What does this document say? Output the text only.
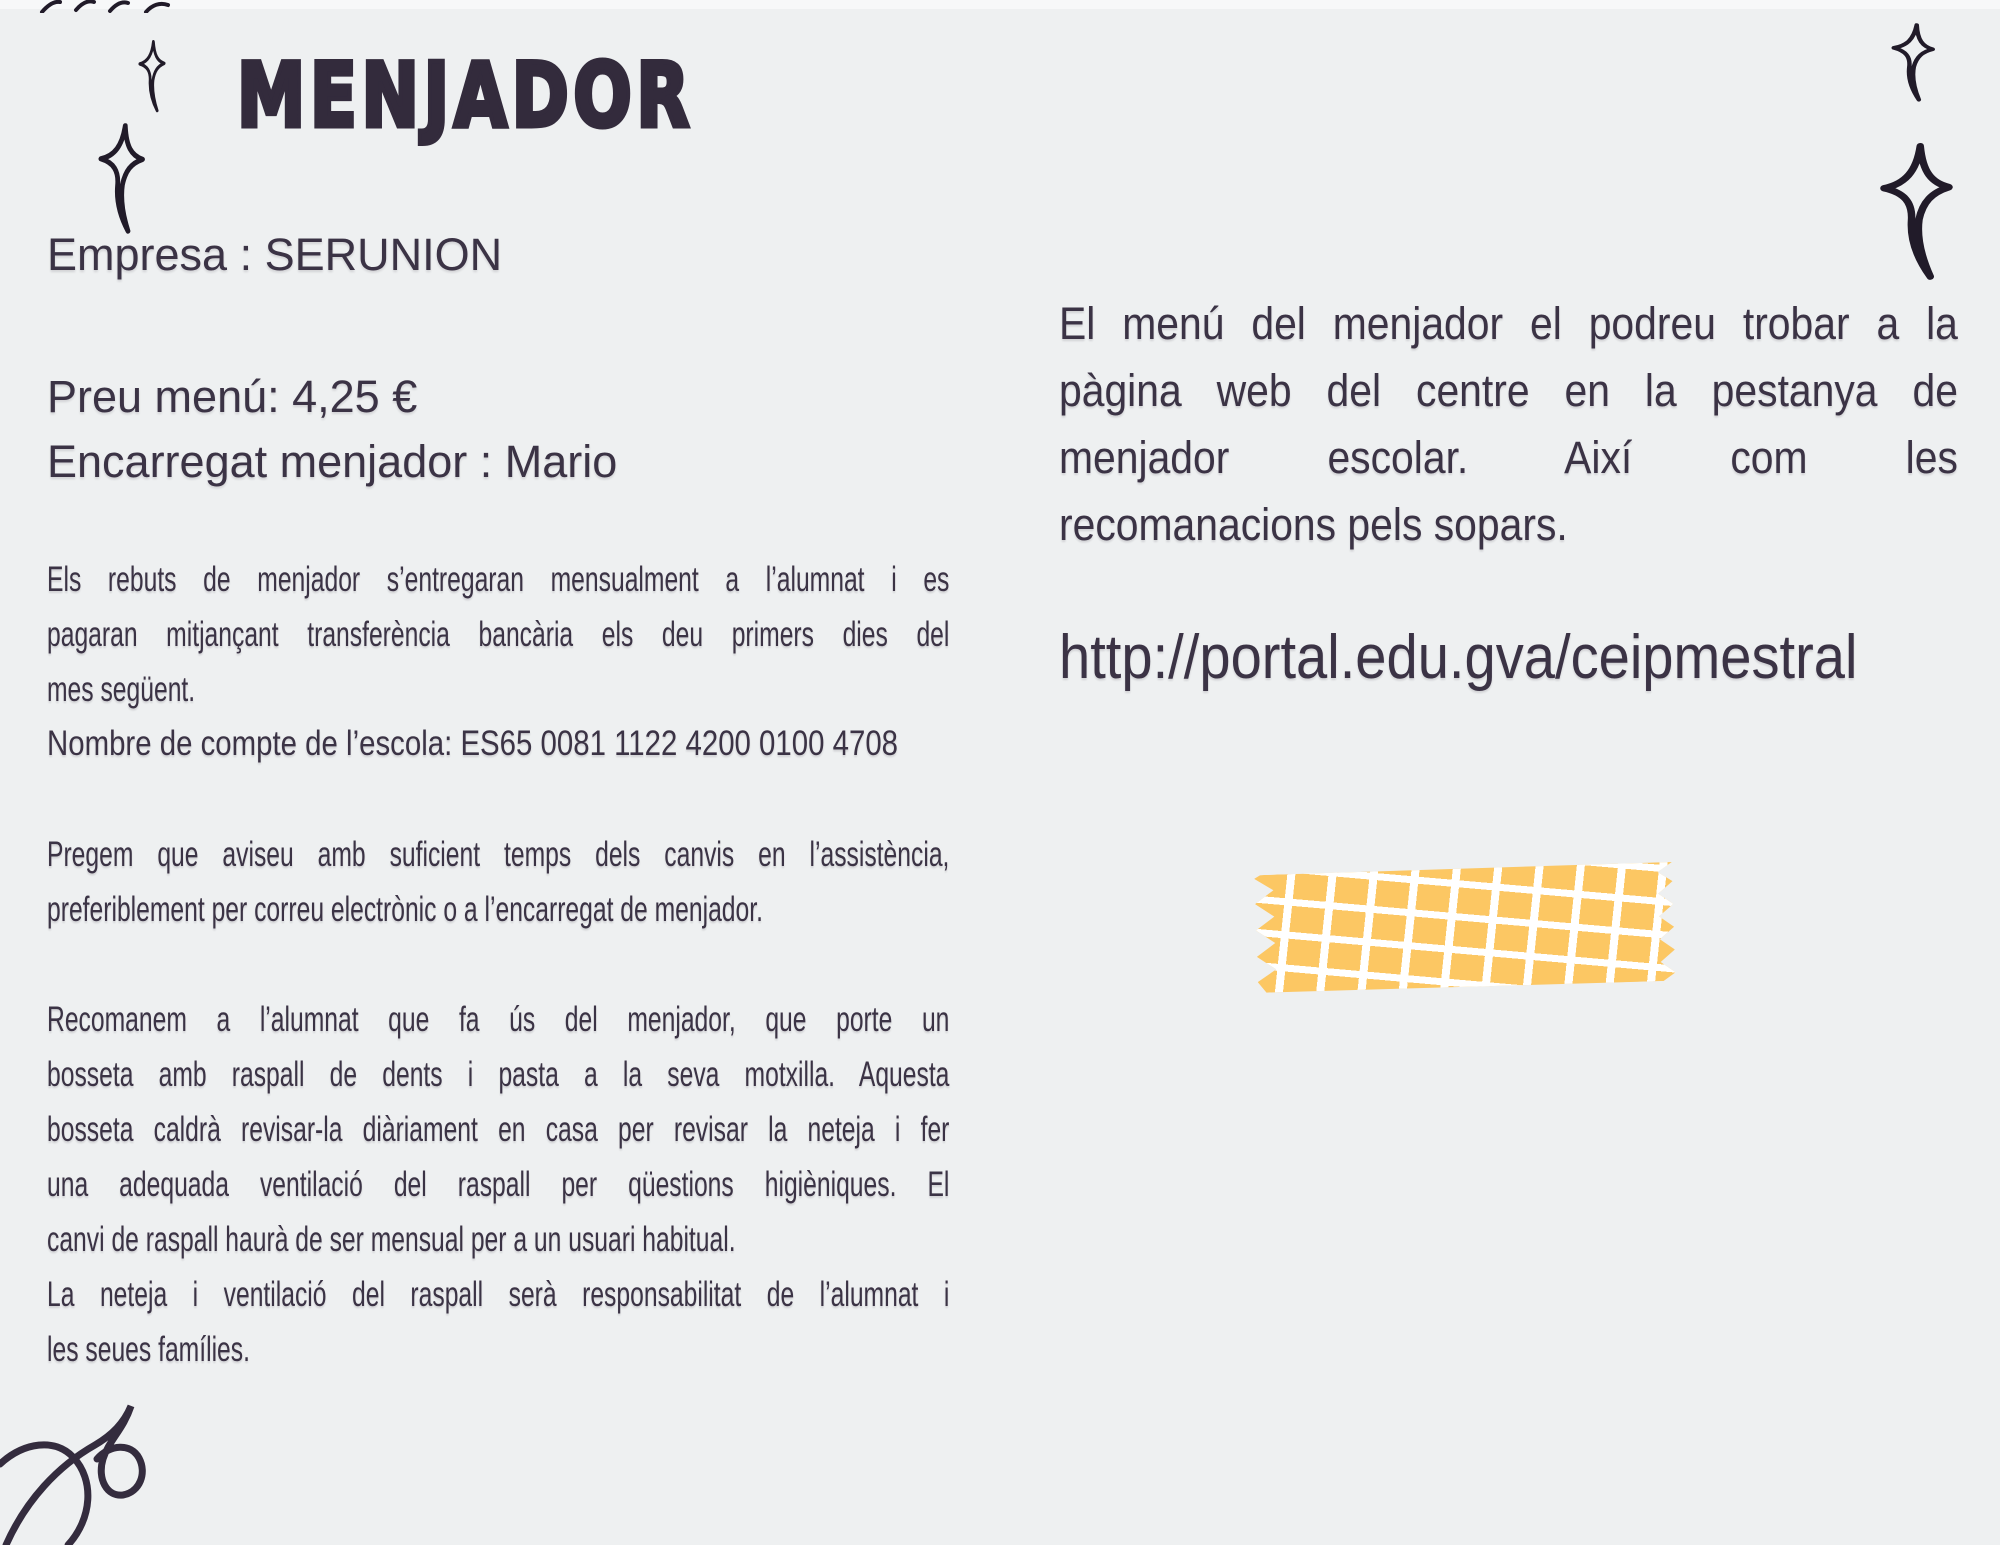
MENJADOR
Empresa : SERUNION
Preu menú: 4,25 €
Encarregat menjador : Mario
Els rebuts de menjador s’entregaran mensualment a l’alumnat i es
pagaran mitjançant transferència bancària els deu primers dies del
mes següent.
Nombre de compte de l’escola: ES65 0081 1122 4200 0100 4708
Pregem que aviseu amb suficient temps dels canvis en l’assistència,
preferiblement per correu electrònic o a l’encarregat de menjador.
Recomanem a l’alumnat que fa ús del menjador, que porte un
bosseta amb raspall de dents i pasta a la seva motxilla. Aquesta
bosseta caldrà revisar-la diàriament en casa per revisar la neteja i fer
una adequada ventilació del raspall per qüestions higièniques. El
canvi de raspall haurà de ser mensual per a un usuari habitual.
La neteja i ventilació del raspall serà responsabilitat de l’alumnat i
les seues famílies.
El menú del menjador el podreu trobar a la
pàgina web del centre en la pestanya de
menjador escolar. Així com les
recomanacions pels sopars.
http://portal.edu.gva/ceipmestral
